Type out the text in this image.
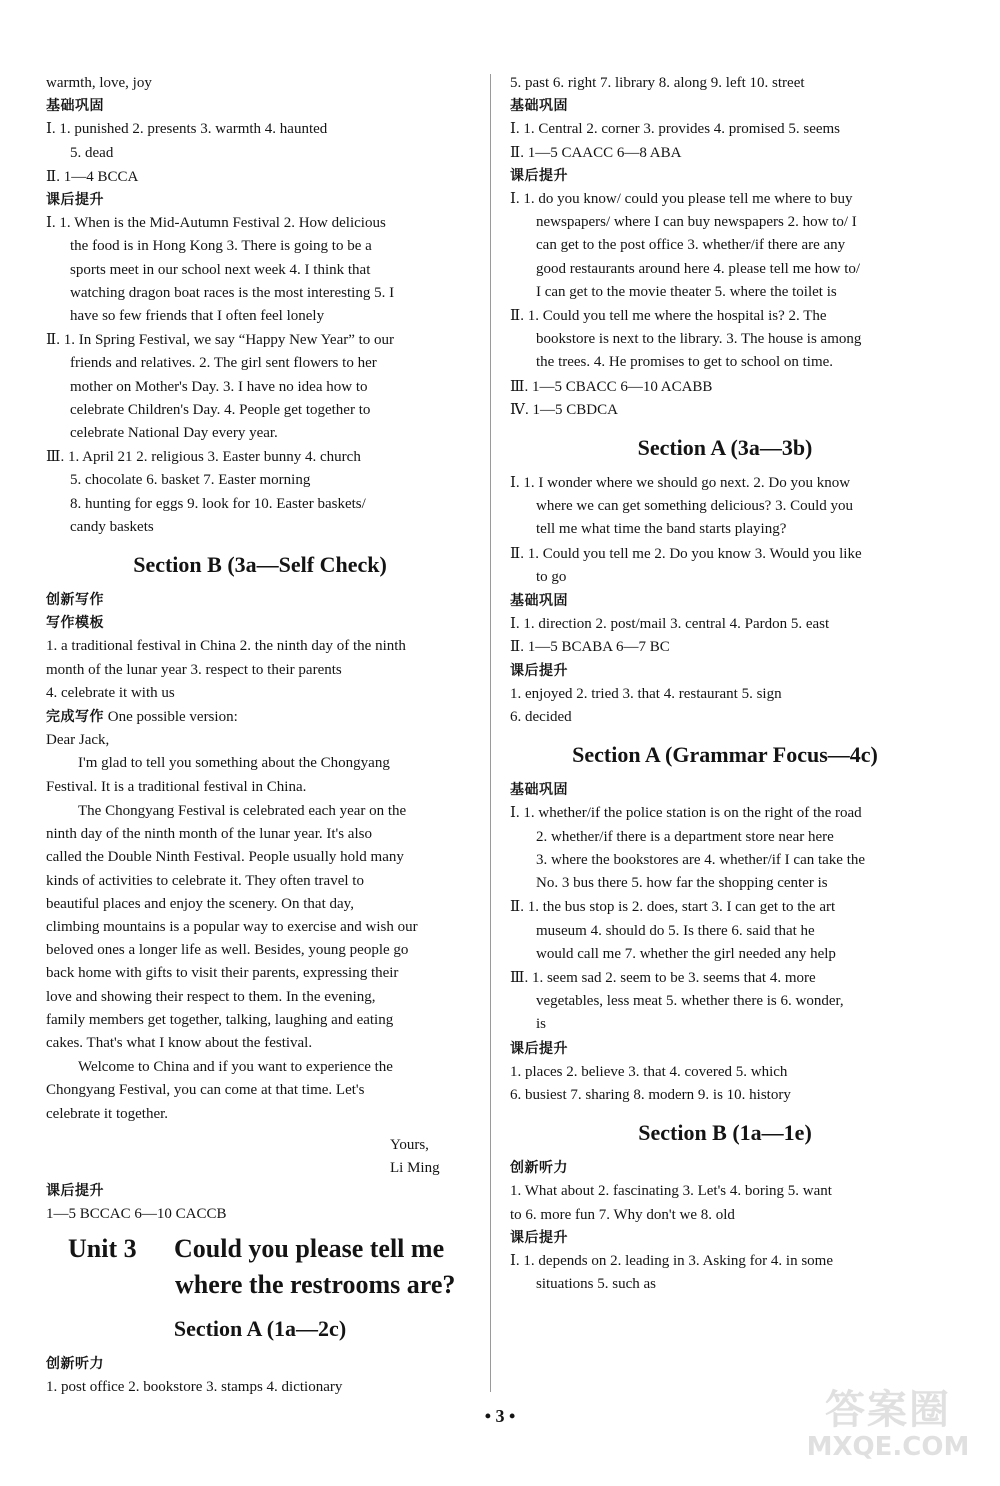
warmth, love, joy
基础巩固
Ⅰ. 1. punished 2. presents 3. warmth 4. haunted
5. dead
Ⅱ. 1—4 BCCA
课后提升
Ⅰ. 1. When is the Mid-Autumn Festival 2. How delicious
the food is in Hong Kong 3. There is going to be a
sports meet in our school next week 4. I think that
watching dragon boat races is the most interesting 5. I
have so few friends that I often feel lonely
Ⅱ. 1. In Spring Festival, we say “Happy New Year” to our
friends and relatives. 2. The girl sent flowers to her
mother on Mother's Day. 3. I have no idea how to
celebrate Children's Day. 4. People get together to
celebrate National Day every year.
Ⅲ. 1. April 21 2. religious 3. Easter bunny 4. church
5. chocolate 6. basket 7. Easter morning
8. hunting for eggs 9. look for 10. Easter baskets/
candy baskets
Section B (3a—Self Check)
创新写作
写作模板
1. a traditional festival in China 2. the ninth day of the ninth
month of the lunar year 3. respect to their parents
4. celebrate it with us
完成写作 One possible version:
Dear Jack,
I'm glad to tell you something about the Chongyang
Festival. It is a traditional festival in China.
The Chongyang Festival is celebrated each year on the
ninth day of the ninth month of the lunar year. It's also
called the Double Ninth Festival. People usually hold many
kinds of activities to celebrate it. They often travel to
beautiful places and enjoy the scenery. On that day,
climbing mountains is a popular way to exercise and wish our
beloved ones a longer life as well. Besides, young people go
back home with gifts to visit their parents, expressing their
love and showing their respect to them. In the evening,
family members get together, talking, laughing and eating
cakes. That's what I know about the festival.
Welcome to China and if you want to experience the
Chongyang Festival, you can come at that time. Let's
celebrate it together.
Yours,
Li Ming
课后提升
1—5 BCCAC 6—10 CACCB
Unit 3 Could you please tell me
where the restrooms are?
Section A (1a—2c)
创新听力
1. post office 2. bookstore 3. stamps 4. dictionary
5. past 6. right 7. library 8. along 9. left 10. street
基础巩固
Ⅰ. 1. Central 2. corner 3. provides 4. promised 5. seems
Ⅱ. 1—5 CAACC 6—8 ABA
课后提升
Ⅰ. 1. do you know/ could you please tell me where to buy
newspapers/ where I can buy newspapers 2. how to/ I
can get to the post office 3. whether/if there are any
good restaurants around here 4. please tell me how to/
I can get to the movie theater 5. where the toilet is
Ⅱ. 1. Could you tell me where the hospital is? 2. The
bookstore is next to the library. 3. The house is among
the trees. 4. He promises to get to school on time.
Ⅲ. 1—5 CBACC 6—10 ACABB
Ⅳ. 1—5 CBDCA
Section A (3a—3b)
Ⅰ. 1. I wonder where we should go next. 2. Do you know
where we can get something delicious? 3. Could you
tell me what time the band starts playing?
Ⅱ. 1. Could you tell me 2. Do you know 3. Would you like
to go
基础巩固
Ⅰ. 1. direction 2. post/mail 3. central 4. Pardon 5. east
Ⅱ. 1—5 BCABA 6—7 BC
课后提升
1. enjoyed 2. tried 3. that 4. restaurant 5. sign
6. decided
Section A (Grammar Focus—4c)
基础巩固
Ⅰ. 1. whether/if the police station is on the right of the road
2. whether/if there is a department store near here
3. where the bookstores are 4. whether/if I can take the
No. 3 bus there 5. how far the shopping center is
Ⅱ. 1. the bus stop is 2. does, start 3. I can get to the art
museum 4. should do 5. Is there 6. said that he
would call me 7. whether the girl needed any help
Ⅲ. 1. seem sad 2. seem to be 3. seems that 4. more
vegetables, less meat 5. whether there is 6. wonder,
is
课后提升
1. places 2. believe 3. that 4. covered 5. which
6. busiest 7. sharing 8. modern 9. is 10. history
Section B (1a—1e)
创新听力
1. What about 2. fascinating 3. Let's 4. boring 5. want
to 6. more fun 7. Why don't we 8. old
课后提升
Ⅰ. 1. depends on 2. leading in 3. Asking for 4. in some
situations 5. such as
• 3 •	答案圈
MXQE.COM
